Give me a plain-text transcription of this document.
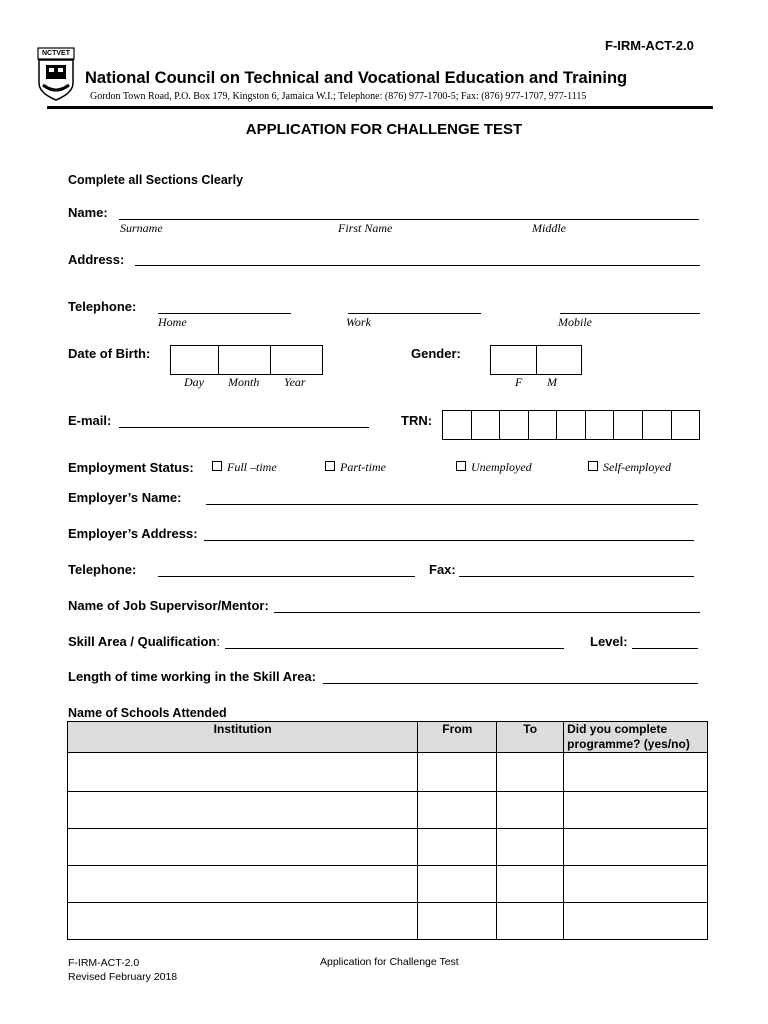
F-IRM-ACT-2.0
NCTVET
National Council on Technical and Vocational Education and Training
Gordon Town Road, P.O. Box 179, Kingston 6, Jamaica W.I.; Telephone: (876) 977-1700-5; Fax: (876) 977-1707, 977-1115
APPLICATION FOR CHALLENGE TEST
Complete all Sections Clearly
Name:
Surname	First Name	Middle
Address:
Telephone:
Home	Work	Mobile
Date of Birth:
Day Month Year
Gender:
F M
E-mail:	TRN:
Employment Status:	Full –time	Part-time	Unemployed	Self-employed
Employer’s Name:
Employer’s Address:
Telephone:	Fax:
Name of Job Supervisor/Mentor:
Skill Area / Qualification:	Level:
Length of time working in the Skill Area:
Name of Schools Attended
Institution	From	To	Did you complete programme? (yes/no)

F-IRM-ACT-2.0
Revised February 2018
Application for Challenge Test
